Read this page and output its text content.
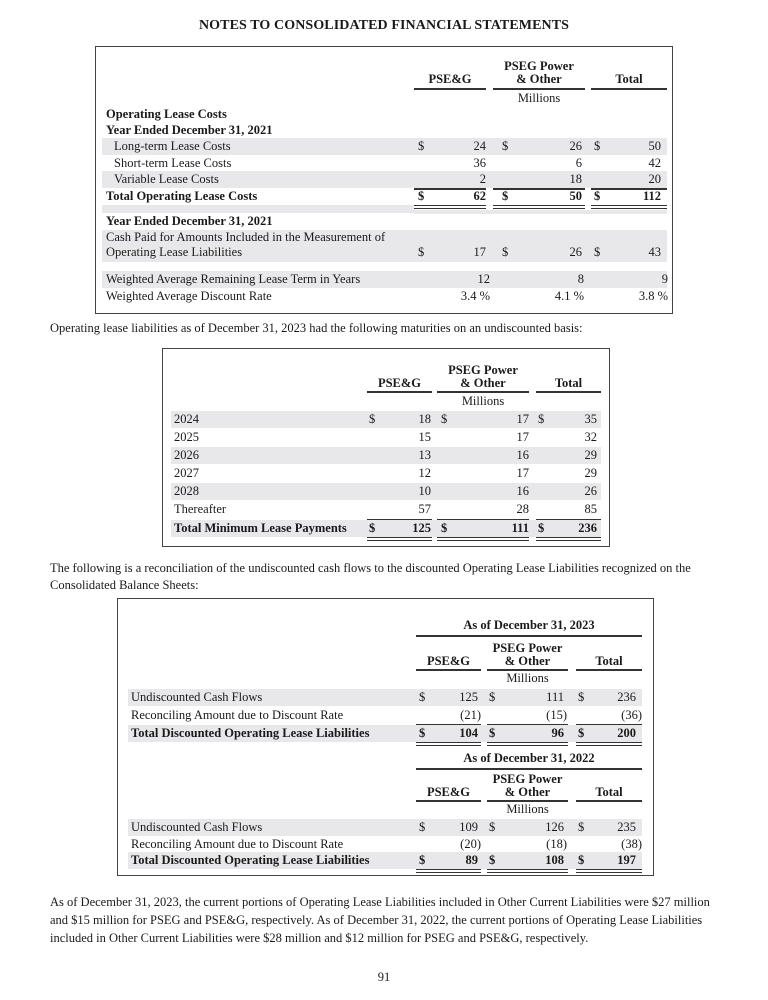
NOTES TO CONSOLIDATED FINANCIAL STATEMENTS
PSE&G
PSEG Power
& Other	Total
Millions
Operating Lease Costs
Year Ended December 31, 2021
Long-term Lease Costs	$	24 $	26 $	50
Short-term Lease Costs	36	6	42
Variable Lease Costs	2	18	20
Total Operating Lease Costs	$	62 $	50 $	112
Year Ended December 31, 2021
Cash Paid for Amounts Included in the Measurement of
Operating Lease Liabilities	$	17 $	26 $	43
Weighted Average Remaining Lease Term in Years	12	8	9
Weighted Average Discount Rate	3.4 %	4.1 %	3.8 %
Operating lease liabilities as of December 31, 2023 had the following maturities on an undiscounted basis:
PSE&G
PSEG Power
& Other	Total
Millions
2024	$	18 $	17 $	35
2025	15	17	32
2026	13	16	29
2027	12	17	29
2028	10	16	26
Thereafter	57	28	85
Total Minimum Lease Payments $	125 $	111 $	236
The following is a reconciliation of the undiscounted cash flows to the discounted Operating Lease Liabilities recognized on the Consolidated Balance Sheets:
As of December 31, 2023
PSE&G
PSEG Power
& Other	Total
Millions
Undiscounted Cash Flows	$	125 $	111 $	236
Reconciling Amount due to Discount Rate	(21)	(15)	(36)
Total Discounted Operating Lease Liabilities	$	104 $	96 $	200
As of December 31, 2022
PSE&G
PSEG Power
& Other	Total
Millions
Undiscounted Cash Flows	$	109 $	126 $	235
Reconciling Amount due to Discount Rate	(20)	(18)	(38)
Total Discounted Operating Lease Liabilities	$	89 $	108 $	197
As of December 31, 2023, the current portions of Operating Lease Liabilities included in Other Current Liabilities were $27 million and $15 million for PSEG and PSE&G, respectively. As of December 31, 2022, the current portions of Operating Lease Liabilities included in Other Current Liabilities were $28 million and $12 million for PSEG and PSE&G, respectively.
91
